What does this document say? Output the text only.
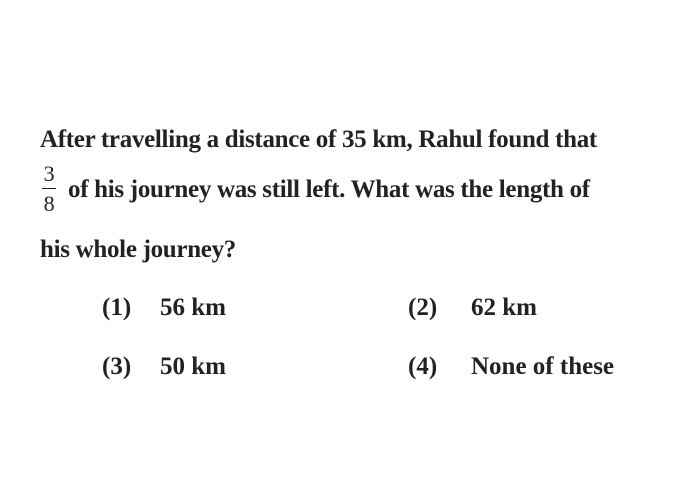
After travelling a distance of 35 km, Rahul found that
$\frac{3}{8}$ of his journey was still left. What was the length of
his whole journey?
(1)	56 km	(2)	62 km
(3)	50 km	(4)	None of these
